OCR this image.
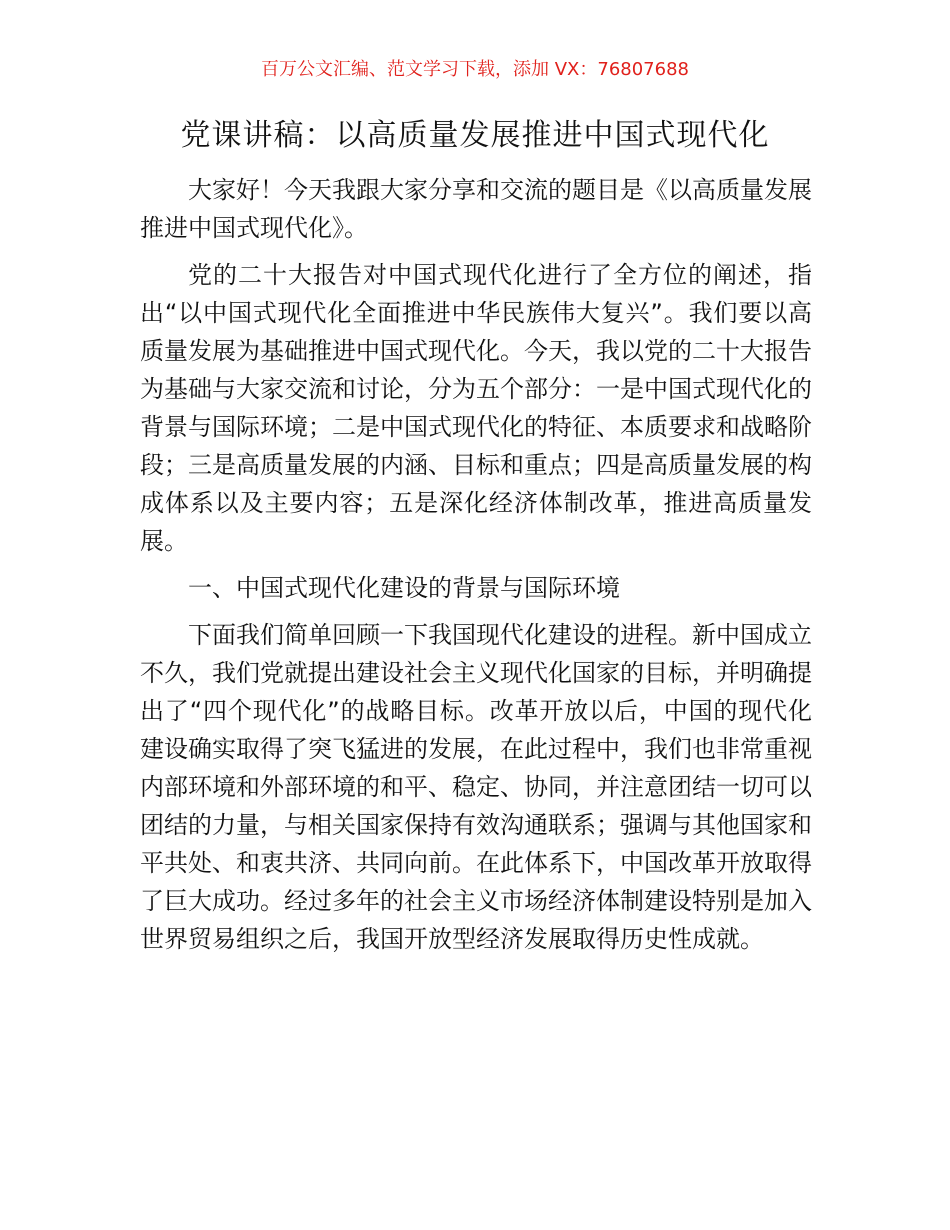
百万公文汇编、范文学习下载，添加 VX：76807688
党课讲稿：以高质量发展推进中国式现代化

大家好！今天我跟大家分享和交流的题目是《以高质量发展推进中国式现代化》。

党的二十大报告对中国式现代化进行了全方位的阐述，指出“以中国式现代化全面推进中华民族伟大复兴”。我们要以高质量发展为基础推进中国式现代化。今天，我以党的二十大报告为基础与大家交流和讨论，分为五个部分：一是中国式现代化的背景与国际环境；二是中国式现代化的特征、本质要求和战略阶段；三是高质量发展的内涵、目标和重点；四是高质量发展的构成体系以及主要内容；五是深化经济体制改革，推进高质量发展。

一、中国式现代化建设的背景与国际环境

下面我们简单回顾一下我国现代化建设的进程。新中国成立不久，我们党就提出建设社会主义现代化国家的目标，并明确提出了“四个现代化”的战略目标。改革开放以后，中国的现代化建设确实取得了突飞猛进的发展，在此过程中，我们也非常重视内部环境和外部环境的和平、稳定、协同，并注意团结一切可以团结的力量，与相关国家保持有效沟通联系；强调与其他国家和平共处、和衷共济、共同向前。在此体系下，中国改革开放取得了巨大成功。经过多年的社会主义市场经济体制建设特别是加入世界贸易组织之后，我国开放型经济发展取得历史性成就。
